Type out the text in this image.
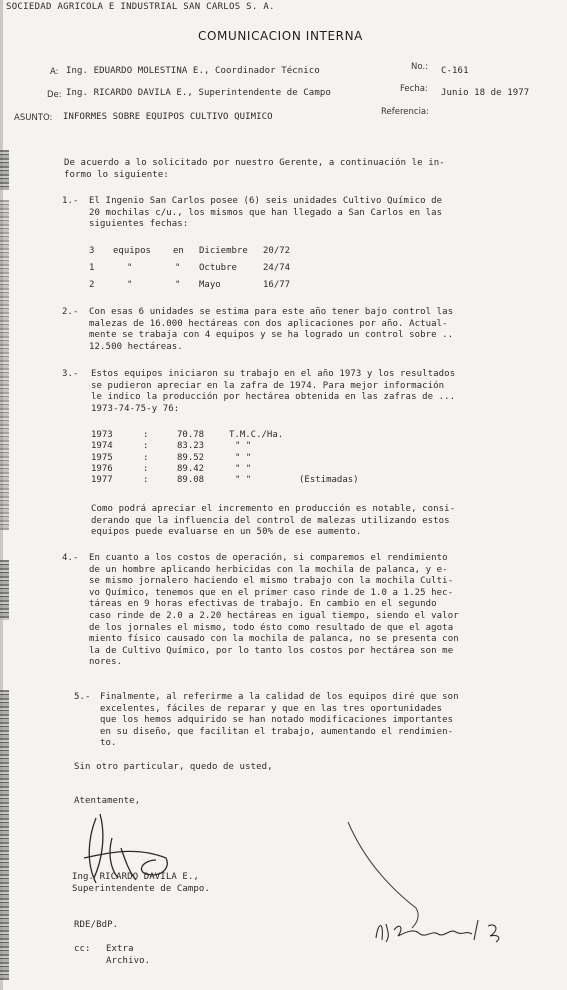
SOCIEDAD AGRICOLA E INDUSTRIAL SAN CARLOS S. A.
COMUNICACION INTERNA
A: Ing. EDUARDO MOLESTINA E., Coordinador Técnico	No.: C-161
De: Ing. RICARDO DAVILA E., Superintendente de Campo	Fecha: Junio 18 de 1977
ASUNTO: INFORMES SOBRE EQUIPOS CULTIVO QUIMICO	Referencia:
De acuerdo a lo solicitado por nuestro Gerente, a continuación le in-
formo lo siguiente:
1.- El Ingenio San Carlos posee (6) seis unidades Cultivo Químico de
20 mochilas c/u., los mismos que han llegado a San Carlos en las
siguientes fechas:
3	equipos	en	Diciembre	20/72
1	"	"	Octubre	24/74
2	"	"	Mayo	16/77
2.- Con esas 6 unidades se estima para este año tener bajo control las
malezas de 16.000 hectáreas con dos aplicaciones por año. Actual-
mente se trabaja con 4 equipos y se ha logrado un control sobre ..
12.500 hectáreas.
3.- Estos equipos iniciaron su trabajo en el año 1973 y los resultados
se pudieron apreciar en la zafra de 1974. Para mejor información
le indico la producción por hectárea obtenida en las zafras de ...
1973-74-75-y 76:
1973	:	70.78	T.M.C./Ha.	
1974	:	83.23	" "	
1975	:	89.52	" "	
1976	:	89.42	" "	
1977	:	89.08	" "	(Estimadas)
Como podrá apreciar el incremento en producción es notable, consi-
derando que la influencia del control de malezas utilizando estos
equipos puede evaluarse en un 50% de ese aumento.
4.- En cuanto a los costos de operación, si comparemos el rendimiento
de un hombre aplicando herbicidas con la mochila de palanca, y e-
se mismo jornalero haciendo el mismo trabajo con la mochila Culti-
vo Químico, tenemos que en el primer caso rinde de 1.0 a 1.25 hec-
táreas en 9 horas efectivas de trabajo. En cambio en el segundo
caso rinde de 2.0 a 2.20 hectáreas en igual tiempo, siendo el valor
de los jornales el mismo, todo ésto como resultado de que el agota
miento físico causado con la mochila de palanca, no se presenta con
la de Cultivo Químico, por lo tanto los costos por hectárea son me
nores.
5.- Finalmente, al referirme a la calidad de los equipos diré que son
excelentes, fáciles de reparar y que en las tres oportunidades
que los hemos adquirido se han notado modificaciones importantes
en su diseño, que facilitan el trabajo, aumentando el rendimien-
to.
Sin otro particular, quedo de usted,
Atentamente,
Ing. RICARDO DAVILA E.,
Superintendente de Campo.
RDE/BdP.
cc: Extra
Archivo.
